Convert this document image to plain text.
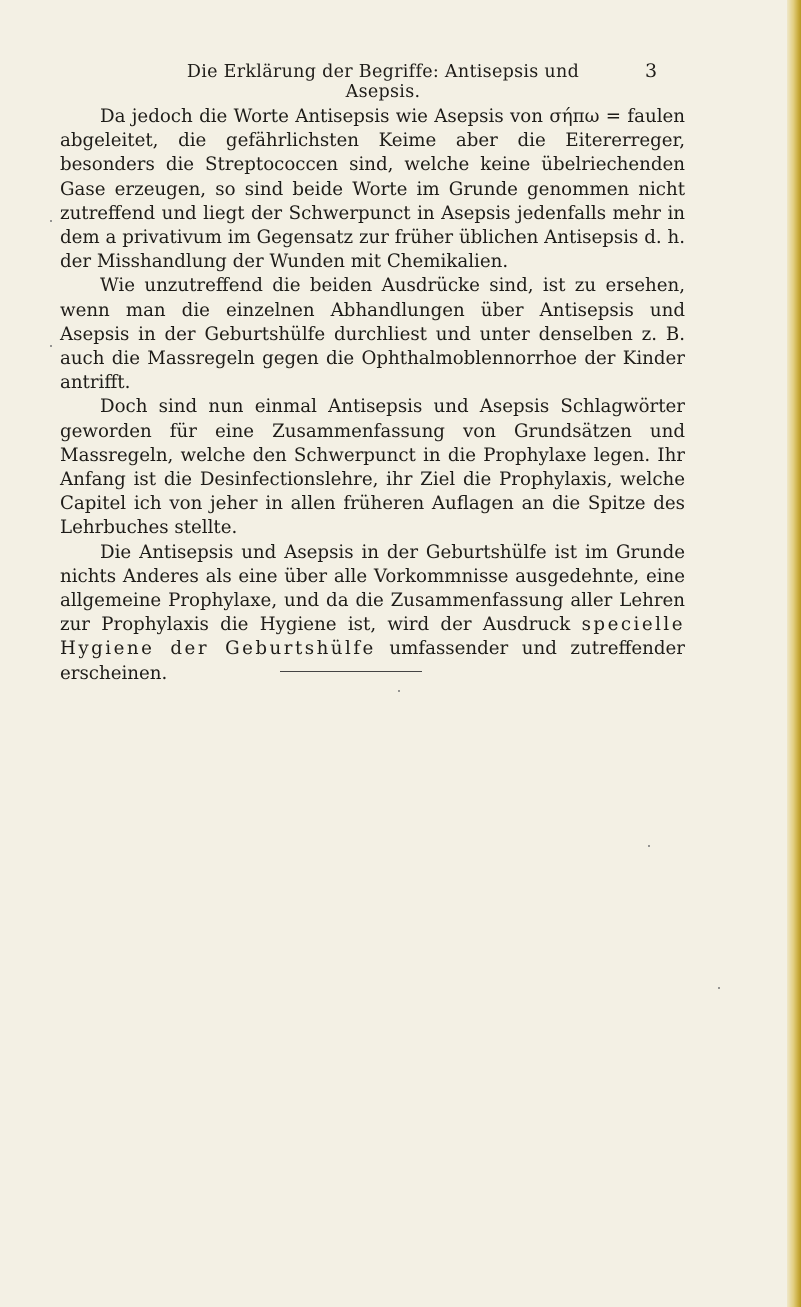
Die Erklärung der Begriffe: Antisepsis und Asepsis.
3

Da jedoch die Worte Antisepsis wie Asepsis von σήπω = faulen abgeleitet, die gefährlichsten Keime aber die Eitererreger, besonders die Streptococcen sind, welche keine übelriechenden Gase erzeugen, so sind beide Worte im Grunde genommen nicht zutreffend und liegt der Schwerpunct in Asepsis jedenfalls mehr in dem a privativum im Gegensatz zur früher üblichen Antisepsis d. h. der Misshandlung der Wunden mit Chemikalien.

Wie unzutreffend die beiden Ausdrücke sind, ist zu ersehen, wenn man die einzelnen Abhandlungen über Antisepsis und Asepsis in der Geburtshülfe durchliest und unter denselben z. B. auch die Massregeln gegen die Ophthalmoblennorrhoe der Kinder antrifft.

Doch sind nun einmal Antisepsis und Asepsis Schlagwörter geworden für eine Zusammenfassung von Grundsätzen und Massregeln, welche den Schwerpunct in die Prophylaxe legen. Ihr Anfang ist die Desinfectionslehre, ihr Ziel die Prophylaxis, welche Capitel ich von jeher in allen früheren Auflagen an die Spitze des Lehrbuches stellte.

Die Antisepsis und Asepsis in der Geburtshülfe ist im Grunde nichts Anderes als eine über alle Vorkommnisse ausgedehnte, eine allgemeine Prophylaxe, und da die Zusammenfassung aller Lehren zur Prophylaxis die Hygiene ist, wird der Ausdruck specielle Hygiene der Geburtshülfe umfassender und zutreffender erscheinen.
